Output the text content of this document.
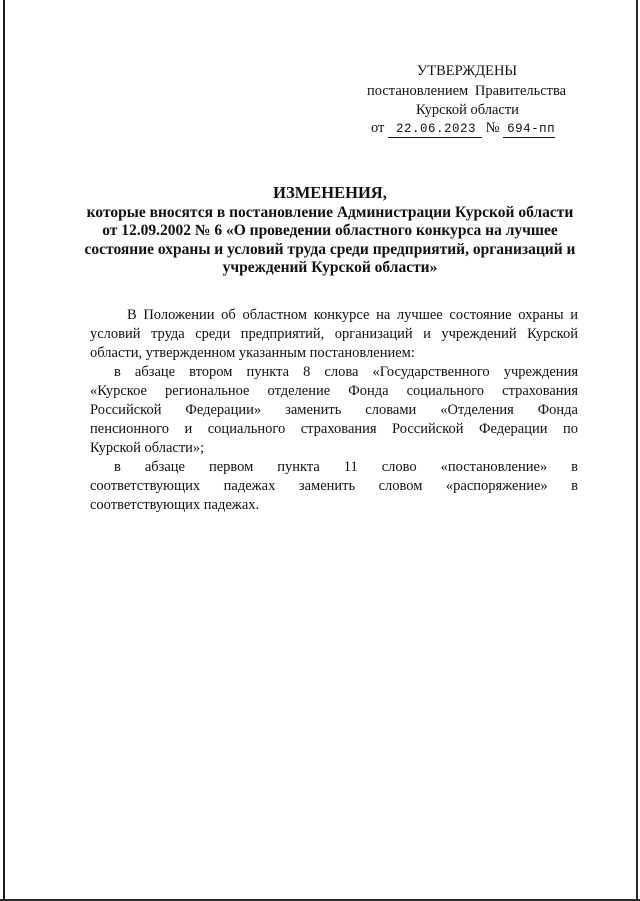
УТВЕРЖДЕНЫ
постановлением Правительства
Курской области
от 22.06.2023 № 694-пп
ИЗМЕНЕНИЯ,
которые вносятся в постановление Администрации Курской области
от 12.09.2002 № 6 «О проведении областного конкурса на лучшее
состояние охраны и условий труда среди предприятий, организаций и
учреждений Курской области»
В Положении об областном конкурсе на лучшее состояние охраны и
условий труда среди предприятий, организаций и учреждений Курской
области, утвержденном указанным постановлением:
в абзаце втором пункта 8 слова «Государственного учреждения
«Курское региональное отделение Фонда социального страхования
Российской Федерации» заменить словами «Отделения Фонда
пенсионного и социального страхования Российской Федерации по
Курской области»;
в абзаце первом пункта 11 слово «постановление» в
соответствующих падежах заменить словом «распоряжение» в
соответствующих падежах.
